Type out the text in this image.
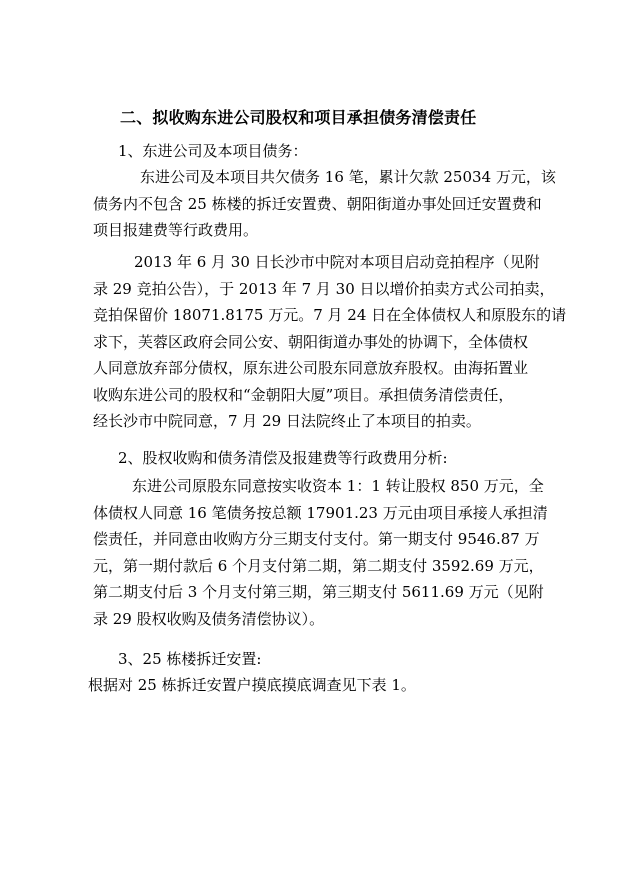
二、拟收购东进公司股权和项目承担债务清偿责任
1、东进公司及本项目债务：
东进公司及本项目共欠债务 16 笔，累计欠款 25034 万元，该
债务内不包含 25 栋楼的拆迁安置费、朝阳街道办事处回迁安置费和
项目报建费等行政费用。
2013 年 6 月 30 日长沙市中院对本项目启动竞拍程序（见附
录 29 竞拍公告），于 2013 年 7 月 30 日以增价拍卖方式公司拍卖，
竞拍保留价 18071.8175 万元。7 月 24 日在全体债权人和原股东的请
求下，芙蓉区政府会同公安、朝阳街道办事处的协调下，全体债权
人同意放弃部分债权，原东进公司股东同意放弃股权。由海拓置业
收购东进公司的股权和“金朝阳大厦”项目。承担债务清偿责任，
经长沙市中院同意，7 月 29 日法院终止了本项目的拍卖。
2、股权收购和债务清偿及报建费等行政费用分析:
东进公司原股东同意按实收资本 1：1 转让股权 850 万元，全
体债权人同意 16 笔债务按总额 17901.23 万元由项目承接人承担清
偿责任，并同意由收购方分三期支付支付。第一期支付 9546.87 万
元，第一期付款后 6 个月支付第二期，第二期支付 3592.69 万元，
第二期支付后 3 个月支付第三期，第三期支付 5611.69 万元（见附
录 29 股权收购及债务清偿协议）。
3、25 栋楼拆迁安置:
根据对 25 栋拆迁安置户摸底摸底调查见下表 1。
